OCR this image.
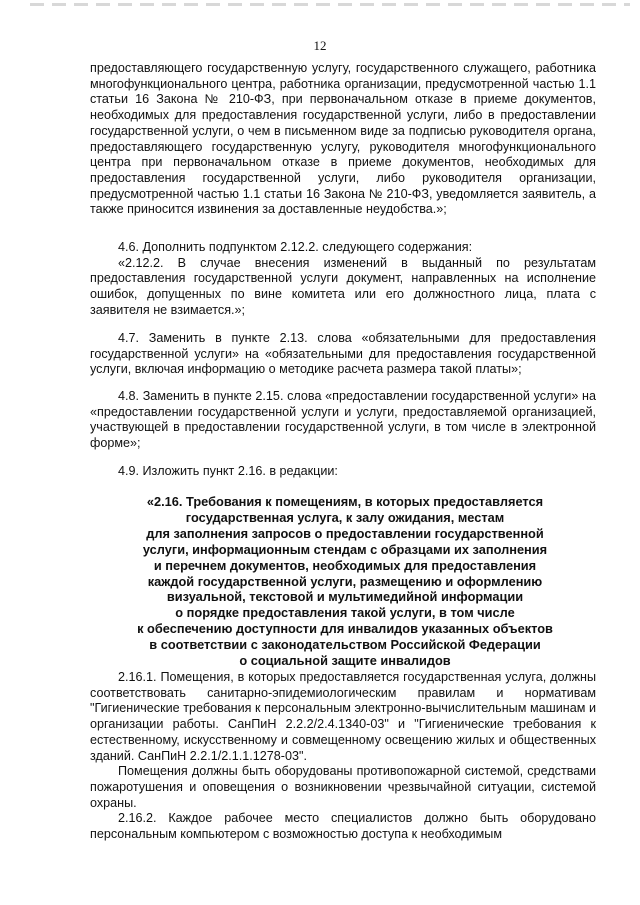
12

предоставляющего государственную услугу, государственного служащего, работника многофункционального центра, работника организации, предусмотренной частью 1.1 статьи 16 Закона № 210-ФЗ, при первоначальном отказе в приеме документов, необходимых для предоставления государственной услуги, либо в предоставлении государственной услуги, о чем в письменном виде за подписью руководителя органа, предоставляющего государственную услугу, руководителя многофункционального центра при первоначальном отказе в приеме документов, необходимых для предоставления государственной услуги, либо руководителя организации, предусмотренной частью 1.1 статьи 16 Закона № 210-ФЗ, уведомляется заявитель, а также приносится извинения за доставленные неудобства.»;

4.6. Дополнить подпунктом 2.12.2. следующего содержания:

«2.12.2. В случае внесения изменений в выданный по результатам предоставления государственной услуги документ, направленных на исполнение ошибок, допущенных по вине комитета или его должностного лица, плата с заявителя не взимается.»;

4.7. Заменить в пункте 2.13. слова «обязательными для предоставления государственной услуги» на «обязательными для предоставления государственной услуги, включая информацию о методике расчета размера такой платы»;

4.8. Заменить в пункте 2.15. слова «предоставлении государственной услуги» на «предоставлении государственной услуги и услуги, предоставляемой организацией, участвующей в предоставлении государственной услуги, в том числе в электронной форме»;

4.9. Изложить пункт 2.16. в редакции:

«2.16. Требования к помещениям, в которых предоставляется
государственная услуга, к залу ожидания, местам
для заполнения запросов о предоставлении государственной
услуги, информационным стендам с образцами их заполнения
и перечнем документов, необходимых для предоставления
каждой государственной услуги, размещению и оформлению
визуальной, текстовой и мультимедийной информации
о порядке предоставления такой услуги, в том числе
к обеспечению доступности для инвалидов указанных объектов
в соответствии с законодательством Российской Федерации
о социальной защите инвалидов

2.16.1. Помещения, в которых предоставляется государственная услуга, должны соответствовать санитарно-эпидемиологическим правилам и нормативам "Гигиенические требования к персональным электронно-вычислительным машинам и организации работы. СанПиН 2.2.2/2.4.1340-03" и "Гигиенические требования к естественному, искусственному и совмещенному освещению жилых и общественных зданий. СанПиН 2.2.1/2.1.1.1278-03".

Помещения должны быть оборудованы противопожарной системой, средствами пожаротушения и оповещения о возникновении чрезвычайной ситуации, системой охраны.

2.16.2. Каждое рабочее место специалистов должно быть оборудовано персональным компьютером с возможностью доступа к необходимым
